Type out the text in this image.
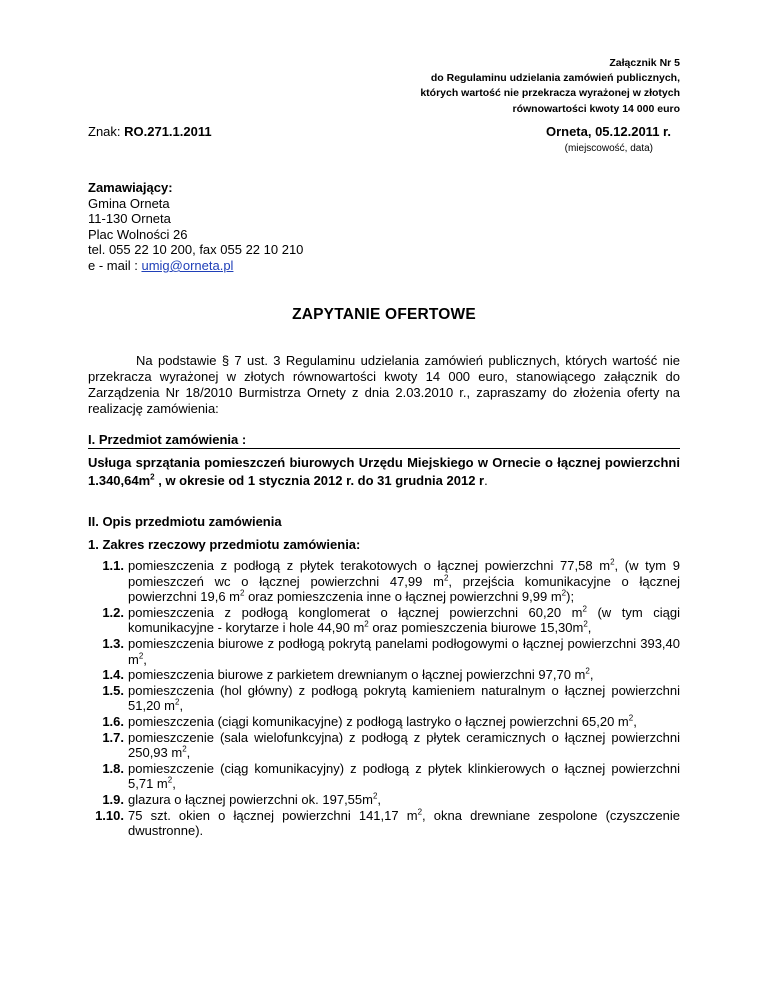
Załącznik Nr 5
do Regulaminu udzielania zamówień publicznych,
których wartość nie przekracza wyrażonej w złotych
równowartości kwoty 14 000 euro
Znak: RO.271.1.2011	Orneta, 05.12.2011 r.
(miejscowość, data)
Zamawiający:
Gmina Orneta
11-130 Orneta
Plac Wolności 26
tel. 055 22 10 200, fax 055 22 10 210
e - mail : umig@orneta.pl
ZAPYTANIE OFERTOWE
Na podstawie § 7 ust. 3 Regulaminu udzielania zamówień publicznych, których wartość nie przekracza wyrażonej w złotych równowartości kwoty 14 000 euro, stanowiącego załącznik do Zarządzenia Nr 18/2010 Burmistrza Ornety z dnia 2.03.2010 r., zapraszamy do złożenia oferty na realizację zamówienia:
I. Przedmiot zamówienia :
Usługa sprzątania pomieszczeń biurowych Urzędu Miejskiego w Ornecie o łącznej powierzchni $1.340,64m^2$ , w okresie od 1 stycznia 2012 r. do 31 grudnia 2012 r.
II. Opis przedmiotu zamówienia
1. Zakres rzeczowy przedmiotu zamówienia:
1.1. pomieszczenia z podłogą z płytek terakotowych o łącznej powierzchni 77,58 $m^2$, (w tym 9 pomieszczeń wc o łącznej powierzchni 47,99 $m^2$, przejścia komunikacyjne o łącznej powierzchni 19,6 $m^2$ oraz pomieszczenia inne o łącznej powierzchni 9,99 $m^2$);
1.2. pomieszczenia z podłogą konglomerat o łącznej powierzchni 60,20 $m^2$ (w tym ciągi komunikacyjne - korytarze i hole 44,90 $m^2$ oraz pomieszczenia biurowe $15,30m^2$,
1.3. pomieszczenia biurowe z podłogą pokrytą panelami podłogowymi o łącznej powierzchni 393,40 $m^2$,
1.4. pomieszczenia biurowe z parkietem drewnianym o łącznej powierzchni 97,70 $m^2$,
1.5. pomieszczenia (hol główny) z podłogą pokrytą kamieniem naturalnym o łącznej powierzchni 51,20 $m^2$,
1.6. pomieszczenia (ciągi komunikacyjne) z podłogą lastryko o łącznej powierzchni 65,20 $m^2$,
1.7. pomieszczenie (sala wielofunkcyjna) z podłogą z płytek ceramicznych o łącznej powierzchni 250,93 $m^2$,
1.8. pomieszczenie (ciąg komunikacyjny) z podłogą z płytek klinkierowych o łącznej powierzchni 5,71 $m^2$,
1.9. glazura o łącznej powierzchni ok. $197,55m^2$,
1.10. 75 szt. okien o łącznej powierzchni 141,17 $m^2$, okna drewniane zespolone (czyszczenie dwustronne).
